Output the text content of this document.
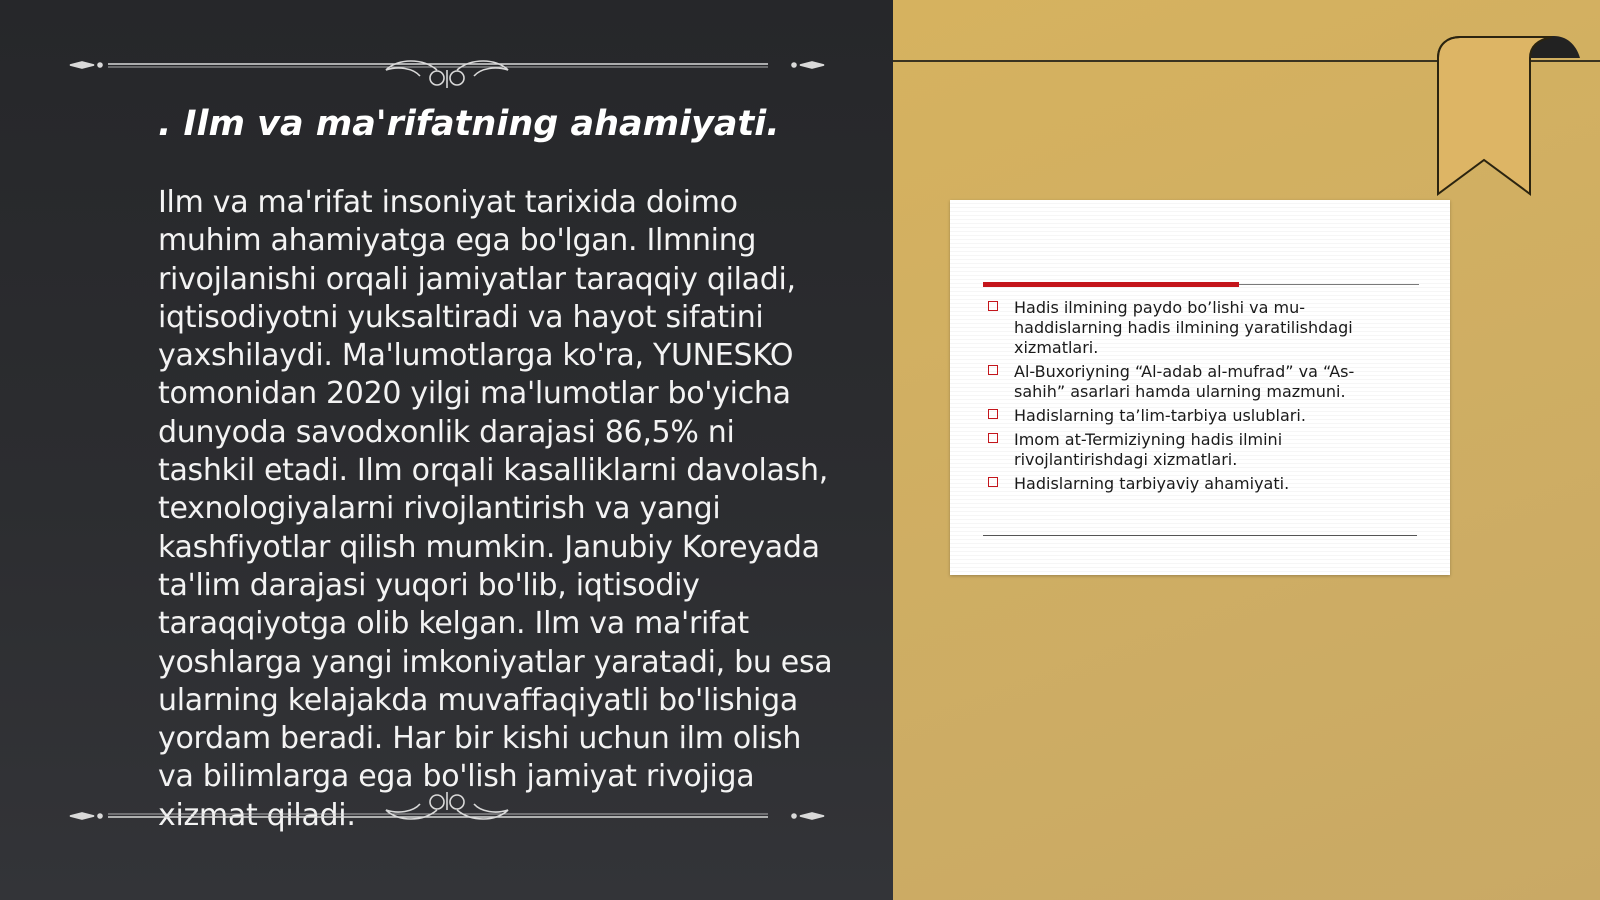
. Ilm va ma'rifatning ahamiyati.

Ilm va ma'rifat insoniyat tarixida doimo muhim ahamiyatga ega bo'lgan. Ilmning rivojlanishi orqali jamiyatlar taraqqiy qiladi, iqtisodiyotni yuksaltiradi va hayot sifatini yaxshilaydi. Ma'lumotlarga ko'ra, YUNESKO tomonidan 2020 yilgi ma'lumotlar bo'yicha dunyoda savodxonlik darajasi 86,5% ni tashkil etadi. Ilm orqali kasalliklarni davolash, texnologiyalarni rivojlantirish va yangi kashfiyotlar qilish mumkin. Janubiy Koreyada ta'lim darajasi yuqori bo'lib, iqtisodiy taraqqiyotga olib kelgan. Ilm va ma'rifat yoshlarga yangi imkoniyatlar yaratadi, bu esa ularning kelajakda muvaffaqiyatli bo'lishiga yordam beradi. Har bir kishi uchun ilm olish va bilimlarga ega bo'lish jamiyat rivojiga xizmat qiladi.

Hadis ilmining paydo bo’lishi va mu-haddislarning hadis ilmining yaratilishdagi xizmatlari.
Al-Buxoriyning “Al-adab al-mufrad” va “As-sahih” asarlari hamda ularning mazmuni.
Hadislarning ta’lim-tarbiya uslublari.
Imom at-Termiziyning hadis ilmini rivojlantirishdagi xizmatlari.
Hadislarning tarbiyaviy ahamiyati.
